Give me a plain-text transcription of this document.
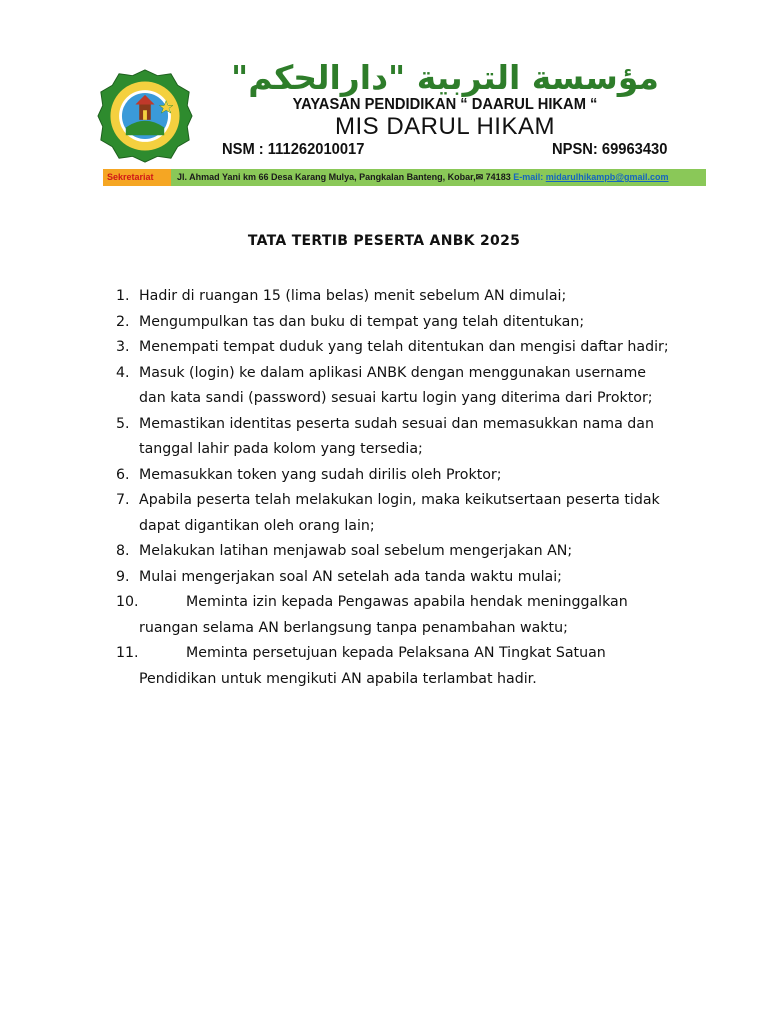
مؤسسة التربية "دارالحكم"
YAYASAN PENDIDIKAN “ DAARUL HIKAM “
MIS DARUL HIKAM
NSM : 111262010017	NPSN: 69963430
Sekretariat	Jl. Ahmad Yani km 66 Desa Karang Mulya, Pangkalan Banteng, Kobar,✉ 74183 E-mail: midarulhikampb@gmail.com
TATA TERTIB PESERTA ANBK 2025
1. Hadir di ruangan 15 (lima belas) menit sebelum AN dimulai;
2. Mengumpulkan tas dan buku di tempat yang telah ditentukan;
3. Menempati tempat duduk yang telah ditentukan dan mengisi daftar hadir;
4. Masuk (login) ke dalam aplikasi ANBK dengan menggunakan username dan kata sandi (password) sesuai kartu login yang diterima dari Proktor;
5. Memastikan identitas peserta sudah sesuai dan memasukkan nama dan tanggal lahir pada kolom yang tersedia;
6. Memasukkan token yang sudah dirilis oleh Proktor;
7. Apabila peserta telah melakukan login, maka keikutsertaan peserta tidak dapat digantikan oleh orang lain;
8. Melakukan latihan menjawab soal sebelum mengerjakan AN;
9. Mulai mengerjakan soal AN setelah ada tanda waktu mulai;
10.	Meminta izin kepada Pengawas apabila hendak meninggalkan ruangan selama AN berlangsung tanpa penambahan waktu;
11.	Meminta persetujuan kepada Pelaksana AN Tingkat Satuan Pendidikan untuk mengikuti AN apabila terlambat hadir.
